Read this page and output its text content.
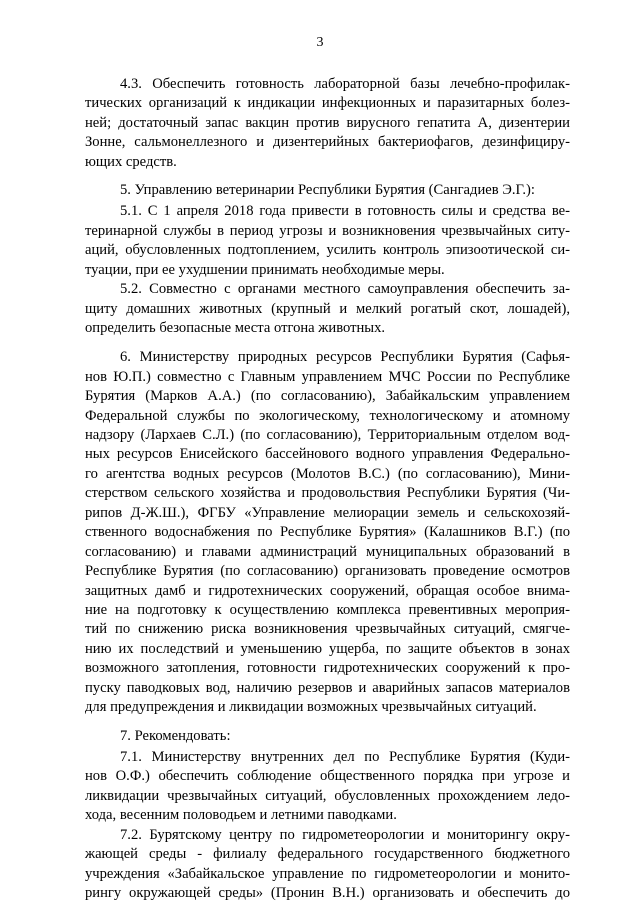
3
4.3. Обеспечить готовность лабораторной базы лечебно-профилак-
тических организаций к индикации инфекционных и паразитарных болез-
ней; достаточный запас вакцин против вирусного гепатита А, дизентерии
Зонне, сальмонеллезного и дизентерийных бактериофагов, дезинфициру-
ющих средств.
5. Управлению ветеринарии Республики Бурятия (Сангадиев Э.Г.):
5.1. С 1 апреля 2018 года привести в готовность силы и средства ве-
теринарной службы в период угрозы и возникновения чрезвычайных ситу-
аций, обусловленных подтоплением, усилить контроль эпизоотической си-
туации, при ее ухудшении принимать необходимые меры.
5.2. Совместно с органами местного самоуправления обеспечить за-
щиту домашних животных (крупный и мелкий рогатый скот, лошадей),
определить безопасные места отгона животных.
6. Министерству природных ресурсов Республики Бурятия (Сафья-
нов Ю.П.) совместно с Главным управлением МЧС России по Республике
Бурятия (Марков А.А.) (по согласованию), Забайкальским управлением
Федеральной службы по экологическому, технологическому и атомному
надзору (Лархаев С.Л.) (по согласованию), Территориальным отделом вод-
ных ресурсов Енисейского бассейнового водного управления Федерально-
го агентства водных ресурсов (Молотов В.С.) (по согласованию), Мини-
стерством сельского хозяйства и продовольствия Республики Бурятия (Чи-
рипов Д-Ж.Ш.), ФГБУ «Управление мелиорации земель и сельскохозяй-
ственного водоснабжения по Республике Бурятия» (Калашников В.Г.) (по
согласованию) и главами администраций муниципальных образований в
Республике Бурятия (по согласованию) организовать проведение осмотров
защитных дамб и гидротехнических сооружений, обращая особое внима-
ние на подготовку к осуществлению комплекса превентивных мероприя-
тий по снижению риска возникновения чрезвычайных ситуаций, смягче-
нию их последствий и уменьшению ущерба, по защите объектов в зонах
возможного затопления, готовности гидротехнических сооружений к про-
пуску паводковых вод, наличию резервов и аварийных запасов материалов
для предупреждения и ликвидации возможных чрезвычайных ситуаций.
7. Рекомендовать:
7.1. Министерству внутренних дел по Республике Бурятия (Куди-
нов О.Ф.) обеспечить соблюдение общественного порядка при угрозе и
ликвидации чрезвычайных ситуаций, обусловленных прохождением ледо-
хода, весенним половодьем и летними паводками.
7.2. Бурятскому центру по гидрометеорологии и мониторингу окру-
жающей среды - филиалу федерального государственного бюджетного
учреждения «Забайкальское управление по гидрометеорологии и монито-
рингу окружающей среды» (Пронин В.Н.) организовать и обеспечить до
